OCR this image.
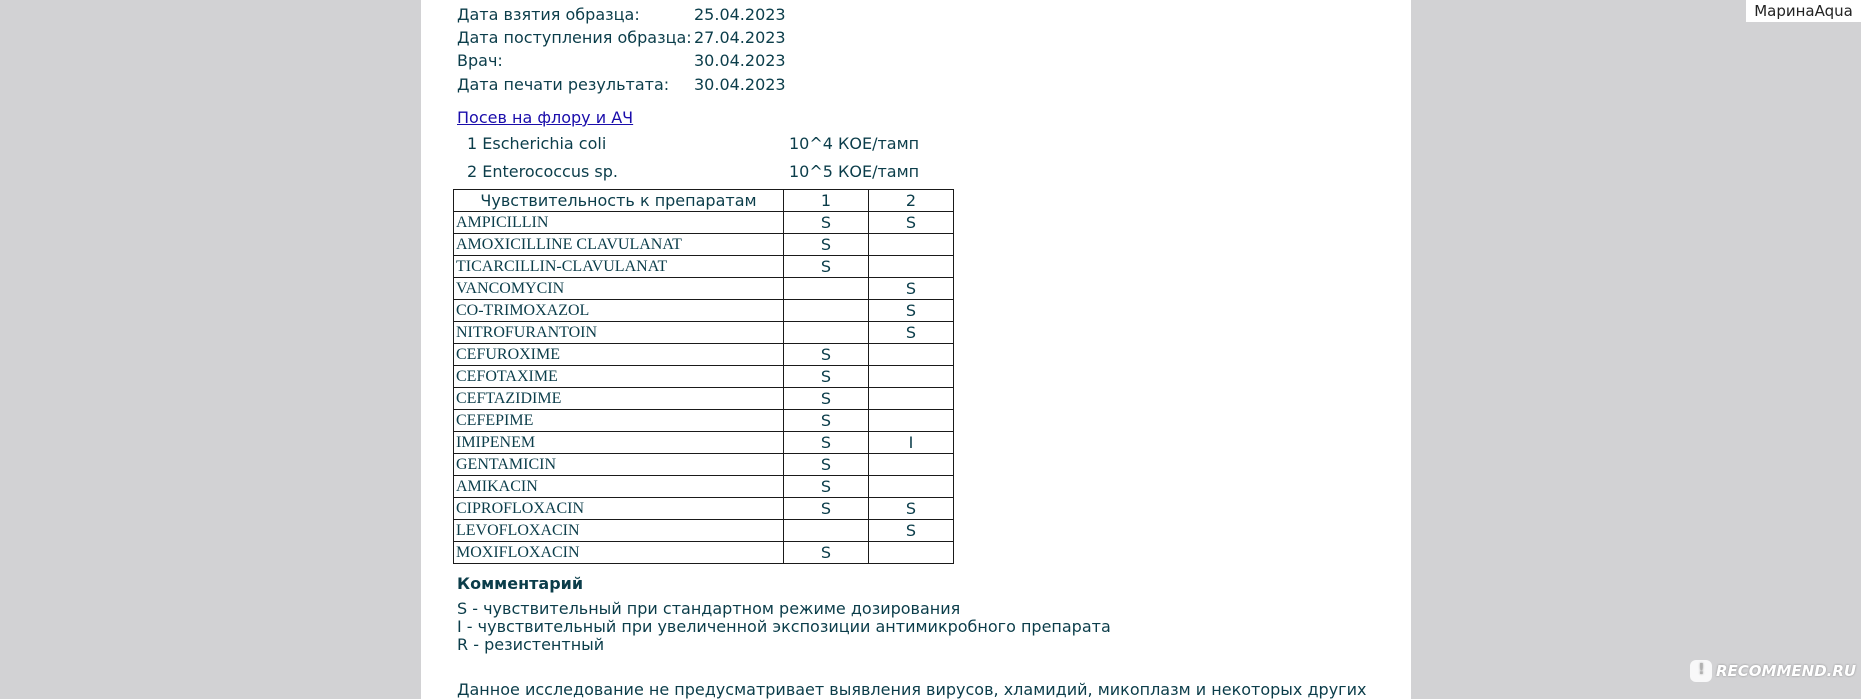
Дата взятия образца:	25.04.2023
Дата поступления образца: 27.04.2023
Врач:	30.04.2023
Дата печати результата: 30.04.2023
Посев на флору и АЧ
1 Escherichia coli	10^4 КОЕ/тамп
2 Enterococcus sp.	10^5 КОЕ/тамп
Чувствительность к препаратам	1	2
AMPICILLIN	S	S
AMOXICILLINE CLAVULANAT	S	
TICARCILLIN-CLAVULANAT	S	
VANCOMYCIN		S
CO-TRIMOXAZOL		S
NITROFURANTOIN		S
CEFUROXIME	S	
CEFOTAXIME	S	
CEFTAZIDIME	S	
CEFEPIME	S	
IMIPENEM	S	I
GENTAMICIN	S	
AMIKACIN	S	
CIPROFLOXACIN	S	S
LEVOFLOXACIN		S
MOXIFLOXACIN	S	
Комментарий
S - чувствительный при стандартном режиме дозирования
I - чувствительный при увеличенной экспозиции антимикробного препарата
R - резистентный
Данное исследование не предусматривает выявления вирусов, хламидий, микоплазм и некоторых других
МаринаAqua
!
RECOMMEND.RU
